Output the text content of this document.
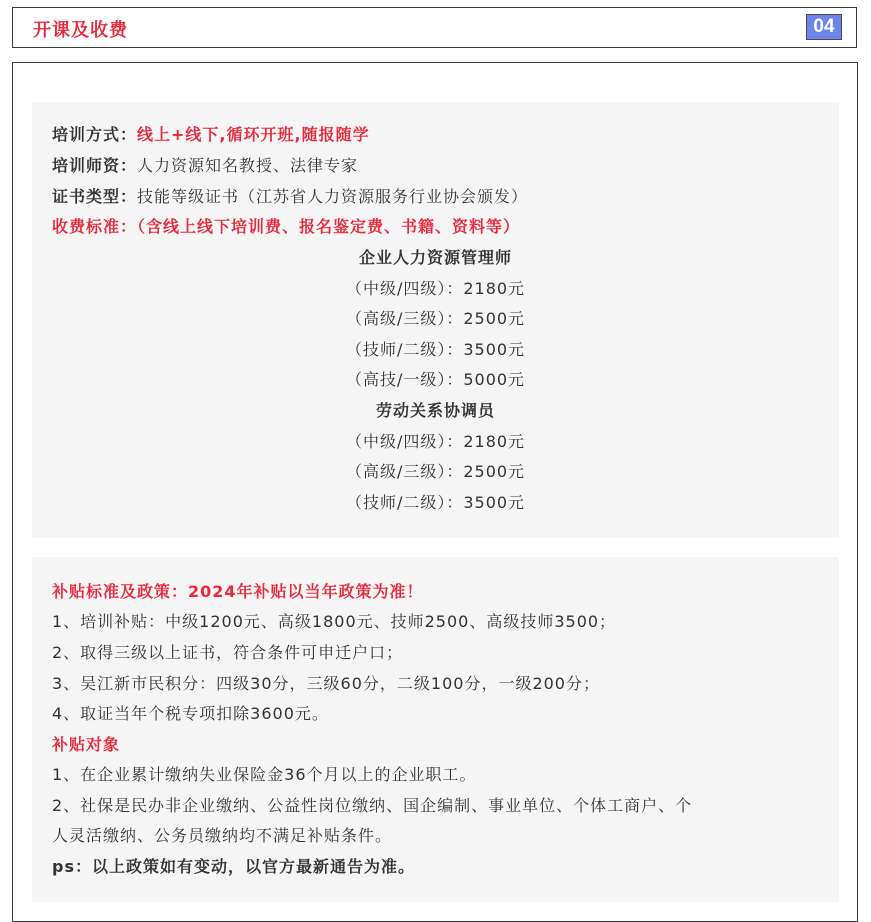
开课及收费	04
培训方式：线上+线下,循环开班,随报随学
培训师资：人力资源知名教授、法律专家
证书类型：技能等级证书（江苏省人力资源服务行业协会颁发）
收费标准：（含线上线下培训费、报名鉴定费、书籍、资料等）
企业人力资源管理师
（中级/四级）：2180元
（高级/三级）：2500元
（技师/二级）：3500元
（高技/一级）：5000元
劳动关系协调员
（中级/四级）：2180元
（高级/三级）：2500元
（技师/二级）：3500元
补贴标准及政策：2024年补贴以当年政策为准！
1、培训补贴：中级1200元、高级1800元、技师2500、高级技师3500；
2、取得三级以上证书，符合条件可申迁户口；
3、吴江新市民积分：四级30分，三级60分，二级100分，一级200分；
4、取证当年个税专项扣除3600元。
补贴对象
1、在企业累计缴纳失业保险金36个月以上的企业职工。
2、社保是民办非企业缴纳、公益性岗位缴纳、国企编制、事业单位、个体工商户、个
人灵活缴纳、公务员缴纳均不满足补贴条件。
ps：以上政策如有变动，以官方最新通告为准。
